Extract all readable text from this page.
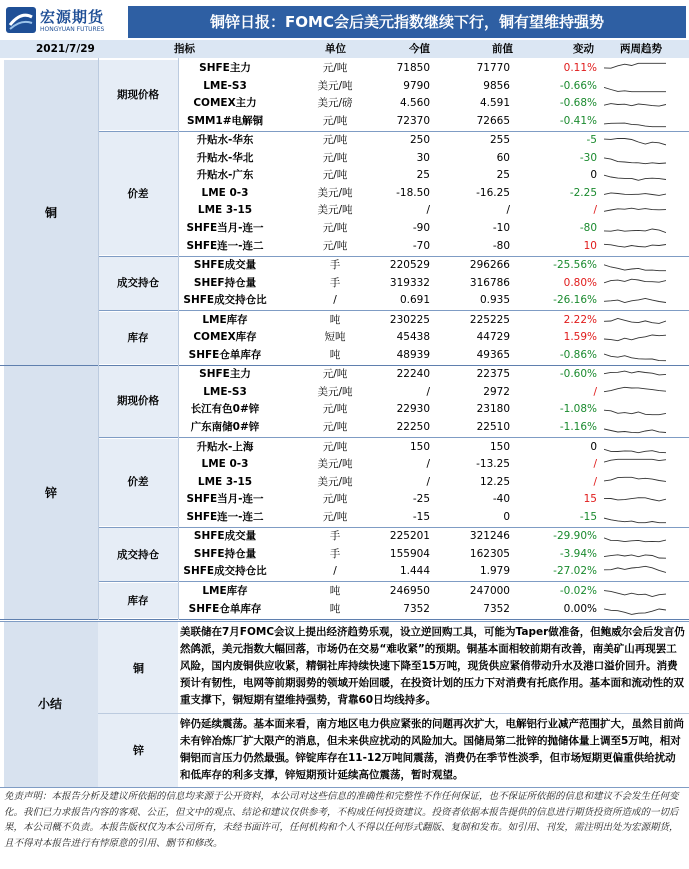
宏源期货
HONGYUAN FUTURES	铜锌日报：FOMC会后美元指数继续下行，铜有望维持强势
2021/7/29	指标	单位	今值	前值	变动 两周趋势
SHFE主力	元/吨	71850	71770	0.11%
LME-S3	美元/吨	9790	9856	-0.66%
COMEX主力	美元/磅	4.560	4.591	-0.68%
SMM1#电解铜	元/吨	72370	72665	-0.41%
期现价格
升贴水-华东	元/吨	250	255	-5
升贴水-华北	元/吨	30	60	-30
升贴水-广东	元/吨	25	25	0
LME 0-3	美元/吨	-18.50	-16.25	-2.25
LME 3-15	美元/吨	/	/	/
SHFE当月-连一	元/吨	-90	-10	-80
SHFE连一-连二	元/吨	-70	-80	10
价差
SHFE成交量	手	220529	296266	-25.56%
SHEF持仓量	手	319332	316786	0.80%
SHFE成交持仓比	/	0.691	0.935	-26.16%
成交持仓
LME库存	吨	230225	225225	2.22%
COMEX库存	短吨	45438	44729	1.59%
SHFE仓单库存	吨	48939	49365	-0.86%
库存
铜
SHFE主力	元/吨	22240	22375	-0.60%
LME-S3	美元/吨	/	2972	/
长江有色0#锌	元/吨	22930	23180	-1.08%
广东南储0#锌	元/吨	22250	22510	-1.16%
期现价格
升贴水-上海	元/吨	150	150	0
LME 0-3	美元/吨	/	-13.25	/
LME 3-15	美元/吨	/	12.25	/
SHFE当月-连一	元/吨	-25	-40	15
SHFE连一-连二	元/吨	-15	0	-15
价差
SHFE成交量	手	225201	321246	-29.90%
SHFE持仓量	手	155904	162305	-3.94%
SHFE成交持仓比	/	1.444	1.979	-27.02%
成交持仓
LME库存	吨	246950	247000	-0.02%
SHFE仓单库存	吨	7352	7352	0.00%
库存
锌
小结
铜
美联储在7月FOMC会议上提出经济趋势乐观，设立逆回购工具，可能为Taper做准备，但鲍威尔会后发言仍然鸽派，美元指数大幅回落，市场仍在交易“难收紧”的预期。铜基本面相较前期有改善，南美矿山再现罢工风险，国内废铜供应收紧，精铜社库持续快速下降至15万吨，现货供应紧俏带动升水及港口溢价回升。消费预计有韧性，电网等前期弱势的领域开始回暖，在投资计划的压力下对消费有托底作用。基本面和流动性的双重支撑下，铜短期有望维持强势，背靠60日均线持多。
锌
锌仍延续震荡。基本面来看，南方地区电力供应紧张的问题再次扩大，电解铝行业减产范围扩大，虽然目前尚未有锌冶炼厂扩大限产的消息，但未来供应扰动的风险加大。国储局第二批锌的抛储体量上调至5万吨，相对铜铝而言压力仍然最强。锌锭库存在11-12万吨间震荡，消费仍在季节性淡季，但市场短期更偏重供给扰动和低库存的利多支撑，锌短期预计延续高位震荡，暂时观望。
免责声明：本报告分析及建议所依据的信息均来源于公开资料，本公司对这些信息的准确性和完整性不作任何保证，也不保证所依据的信息和建议不会发生任何变化。我们已力求报告内容的客观、公正，但文中的观点、结论和建议仅供参考，不构成任何投资建议。投资者依据本报告提供的信息进行期货投资所造成的一切后果，本公司概不负责。本报告版权仅为本公司所有，未经书面许可，任何机构和个人不得以任何形式翻版、复制和发布。如引用、刊发，需注明出处为宏源期货，且不得对本报告进行有悖原意的引用、删节和修改。
